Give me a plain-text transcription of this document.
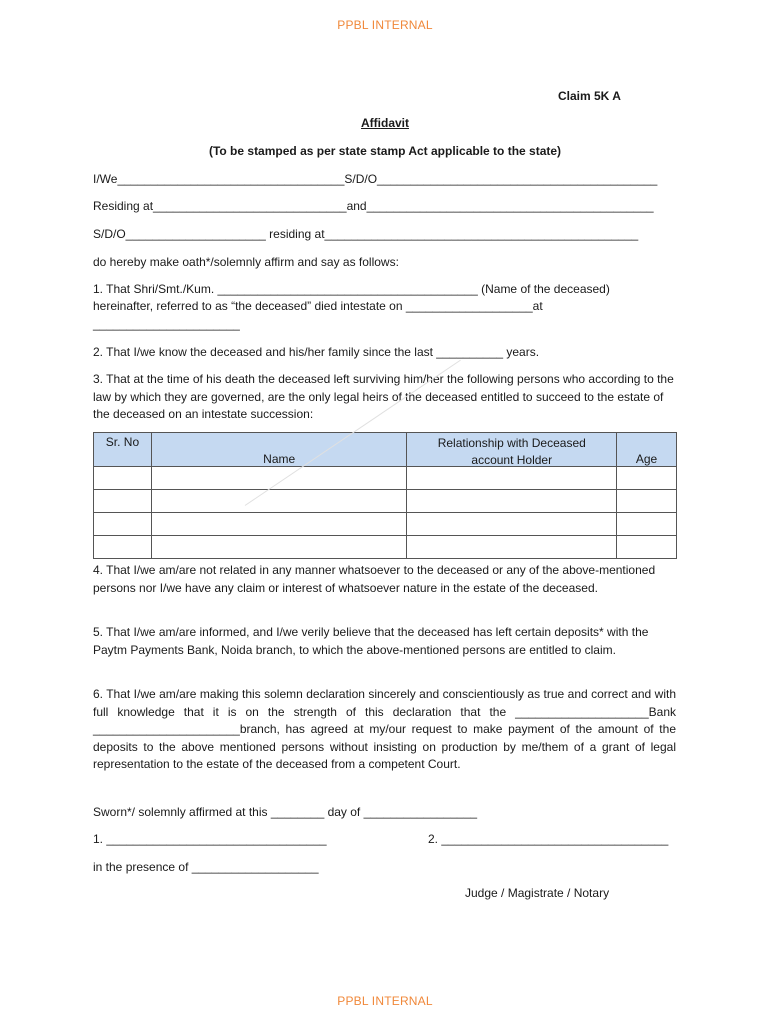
PPBL INTERNAL
Claim 5K A
Affidavit
(To be stamped as per state stamp Act applicable to the state)
I/We__________________________________S/D/O__________________________________________
Residing at_____________________________and___________________________________________
S/D/O_____________________ residing at_______________________________________________
do hereby make oath*/solemnly affirm and say as follows:
1. That Shri/Smt./Kum. _______________________________________ (Name of the deceased)
hereinafter, referred to as “the deceased” died intestate on ___________________at
______________________
2. That I/we know the deceased and his/her family since the last __________ years.
3. That at the time of his death the deceased left surviving him/her the following persons who according to the law by which they are governed, are the only legal heirs of the deceased entitled to succeed to the estate of the deceased on an intestate succession:
Sr. No	Name	Relationship with Deceased account Holder	Age

4. That I/we am/are not related in any manner whatsoever to the deceased or any of the above-mentioned persons nor I/we have any claim or interest of whatsoever nature in the estate of the deceased.
5. That I/we am/are informed, and I/we verily believe that the deceased has left certain deposits* with the Paytm Payments Bank, Noida branch, to which the above-mentioned persons are entitled to claim.
6. That I/we am/are making this solemn declaration sincerely and conscientiously as true and correct and with full knowledge that it is on the strength of this declaration that the ____________________Bank ______________________branch, has agreed at my/our request to make payment of the amount of the deposits to the above mentioned persons without insisting on production by me/them of a grant of legal representation to the estate of the deceased from a competent Court.
Sworn*/ solemnly affirmed at this ________ day of _________________
1. _________________________________	2. __________________________________
in the presence of ___________________
Judge / Magistrate / Notary
PPBL INTERNAL
